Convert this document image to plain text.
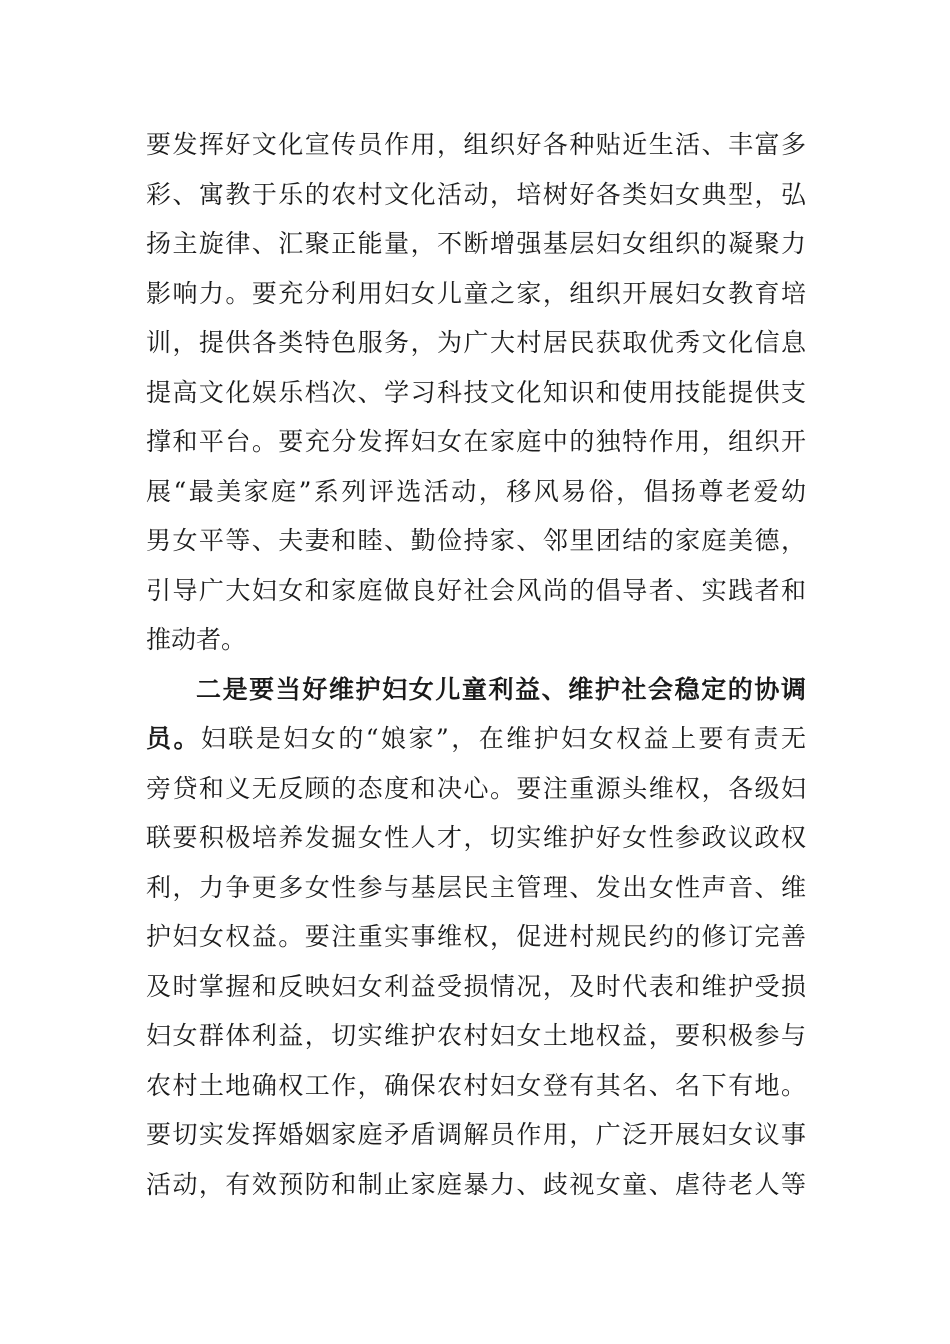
要发挥好文化宣传员作用，组织好各种贴近生活、丰富多
彩、寓教于乐的农村文化活动，培树好各类妇女典型，弘
扬主旋律、汇聚正能量，不断增强基层妇女组织的凝聚力
影响力。要充分利用妇女儿童之家，组织开展妇女教育培
训，提供各类特色服务，为广大村居民获取优秀文化信息
提高文化娱乐档次、学习科技文化知识和使用技能提供支
撑和平台。要充分发挥妇女在家庭中的独特作用，组织开
展“最美家庭”系列评选活动，移风易俗，倡扬尊老爱幼
男女平等、夫妻和睦、勤俭持家、邻里团结的家庭美德，
引导广大妇女和家庭做良好社会风尚的倡导者、实践者和
推动者。
二是要当好维护妇女儿童利益、维护社会稳定的协调
员。妇联是妇女的“娘家”，在维护妇女权益上要有责无
旁贷和义无反顾的态度和决心。要注重源头维权，各级妇
联要积极培养发掘女性人才，切实维护好女性参政议政权
利，力争更多女性参与基层民主管理、发出女性声音、维
护妇女权益。要注重实事维权，促进村规民约的修订完善
及时掌握和反映妇女利益受损情况，及时代表和维护受损
妇女群体利益，切实维护农村妇女土地权益，要积极参与
农村土地确权工作，确保农村妇女登有其名、名下有地。
要切实发挥婚姻家庭矛盾调解员作用，广泛开展妇女议事
活动，有效预防和制止家庭暴力、歧视女童、虐待老人等
